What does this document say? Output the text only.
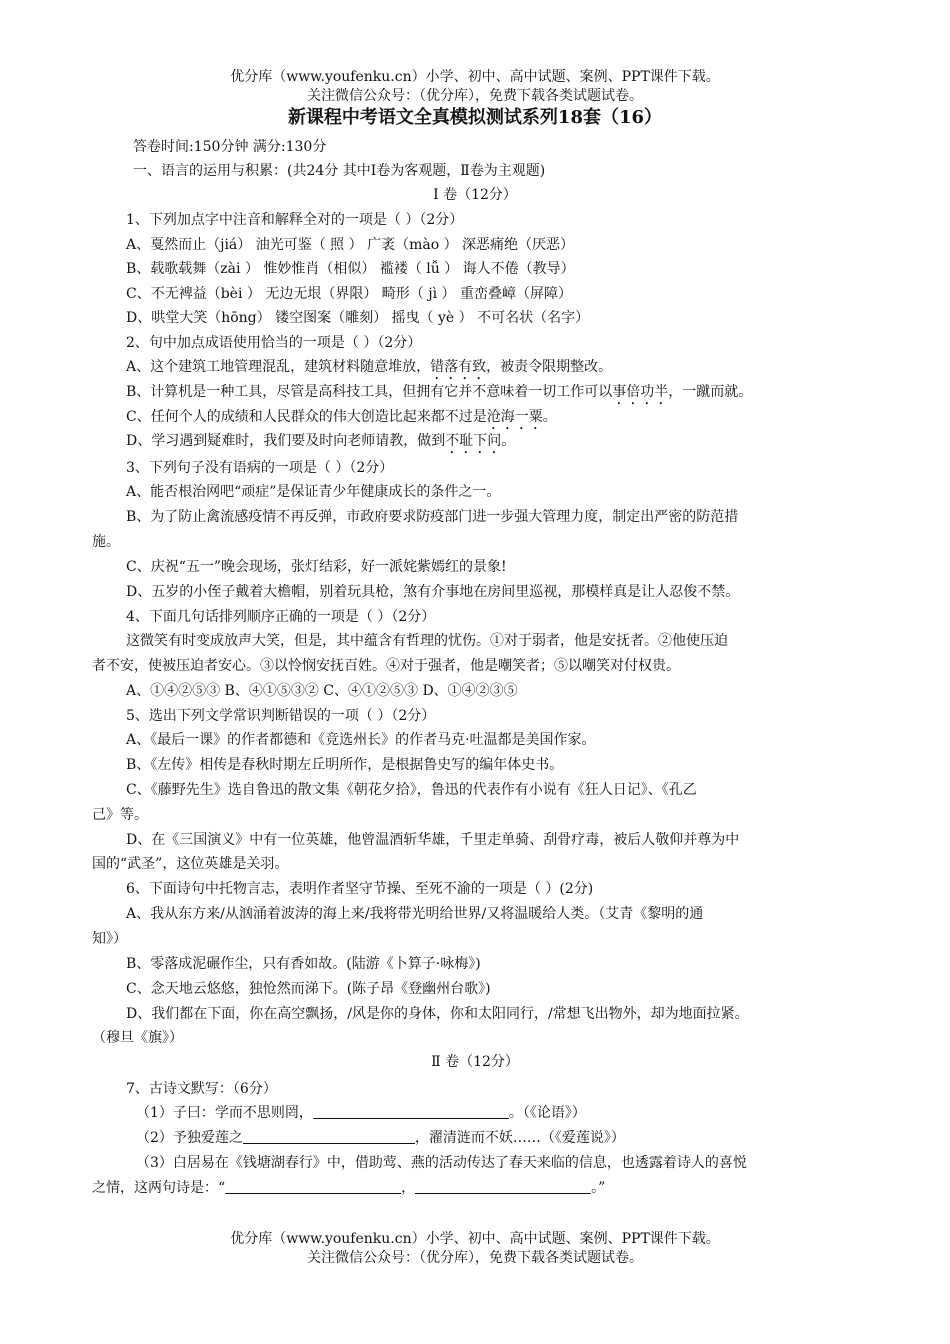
优分库（www.youfenku.cn）小学、初中、高中试题、案例、PPT课件下载。
关注微信公众号：（优分库），免费下载各类试题试卷。
新课程中考语文全真模拟测试系列18套（16）
答卷时间:150分钟 满分:130分
一、语言的运用与积累：(共24分 其中Ⅰ卷为客观题，Ⅱ卷为主观题)
Ⅰ 卷（12分）
1、下列加点字中注音和解释全对的一项是（ ）（2分）
A、戛然而止（jiá） 油光可鉴（ 照 ） 广袤（mào ） 深恶痛绝（厌恶）
B、载歌载舞（zài ） 惟妙惟肖（相似） 褴褛（ lǚ ） 诲人不倦（教导）
C、不无裨益（bèi ） 无边无垠（界限） 畸形（ jì ） 重峦叠嶂（屏障）
D、哄堂大笑（hōng） 镂空图案（雕刻） 摇曳（ yè ） 不可名状（名字）
2、句中加点成语使用恰当的一项是（ ）（2分）
A、这个建筑工地管理混乱，建筑材料随意堆放，错落有致，被责令限期整改。
B、计算机是一种工具，尽管是高科技工具，但拥有它并不意味着一切工作可以事倍功半，一蹴而就。
C、任何个人的成绩和人民群众的伟大创造比起来都不过是沧海一粟。
D、学习遇到疑难时，我们要及时向老师请教，做到不耻下问。
3、下列句子没有语病的一项是（ ）（2分）
A、能否根治网吧“顽症”是保证青少年健康成长的条件之一。
B、为了防止禽流感疫情不再反弹，市政府要求防疫部门进一步强大管理力度，制定出严密的防范措
施。
C、庆祝“五一”晚会现场，张灯结彩，好一派姹紫嫣红的景象!
D、五岁的小侄子戴着大檐帽，别着玩具枪，煞有介事地在房间里巡视，那模样真是让人忍俊不禁。
4、下面几句话排列顺序正确的一项是（ ）（2分）
这微笑有时变成放声大笑，但是，其中蕴含有哲理的忧伤。①对于弱者，他是安抚者。②他使压迫
者不安，使被压迫者安心。③以怜悯安抚百姓。④对于强者，他是嘲笑者；⑤以嘲笑对付权贵。
A、①④②⑤③ B、④①⑤③② C、④①②⑤③ D、①④②③⑤
5、选出下列文学常识判断错误的一项（ ）（2分）
A、《最后一课》的作者都德和《竞选州长》的作者马克·吐温都是美国作家。
B、《左传》相传是春秋时期左丘明所作，是根据鲁史写的编年体史书。
C、《藤野先生》选自鲁迅的散文集《朝花夕拾》，鲁迅的代表作有小说有《狂人日记》、《孔乙
己》等。
D、在《三国演义》中有一位英雄，他曾温酒斩华雄，千里走单骑、刮骨疗毒，被后人敬仰并尊为中
国的“武圣”，这位英雄是关羽。
6、下面诗句中托物言志，表明作者坚守节操、至死不渝的一项是（ ）(2分)
A、我从东方来/从汹涌着波涛的海上来/我将带光明给世界/又将温暖给人类。（艾青《黎明的通
知》）
B、零落成泥碾作尘，只有香如故。(陆游《卜算子·咏梅》)
C、念天地云悠悠，独怆然而涕下。(陈子昂《登幽州台歌》)
D、我们都在下面，你在高空飘扬，/风是你的身体，你和太阳同行，/常想飞出物外，却为地面拉紧。
（穆旦《旗》）
Ⅱ 卷（12分）
7、古诗文默写：（6分）
（1）子曰：学而不思则罔，	。（《论语》）
（2）予独爱莲之	，濯清涟而不妖……（《爱莲说》）
（3）白居易在《钱塘湖春行》中，借助莺、燕的活动传达了春天来临的信息，也透露着诗人的喜悦
之情，这两句诗是：“	，	。”
优分库（www.youfenku.cn）小学、初中、高中试题、案例、PPT课件下载。
关注微信公众号：（优分库），免费下载各类试题试卷。
